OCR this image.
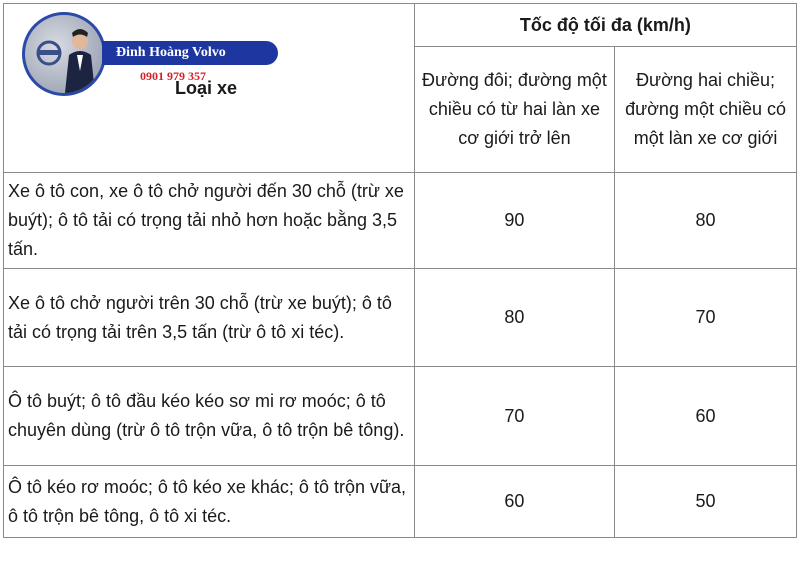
Đinh Hoàng Volvo
0901 979 357
Loại xe	Tốc độ tối đa (km/h)	
	Đường đôi; đường một chiều có từ hai làn xe cơ giới trở lên	Đường hai chiều; đường một chiều có một làn xe cơ giới
Xe ô tô con, xe ô tô chở người đến 30 chỗ (trừ xe buýt); ô tô tải có trọng tải nhỏ hơn hoặc bằng 3,5 tấn.	90	80
Xe ô tô chở người trên 30 chỗ (trừ xe buýt); ô tô tải có trọng tải trên 3,5 tấn (trừ ô tô xi téc).	80	70
Ô tô buýt; ô tô đầu kéo kéo sơ mi rơ moóc; ô tô chuyên dùng (trừ ô tô trộn vữa, ô tô trộn bê tông).	70	60
Ô tô kéo rơ moóc; ô tô kéo xe khác; ô tô trộn vữa, ô tô trộn bê tông, ô tô xi téc.	60	50
